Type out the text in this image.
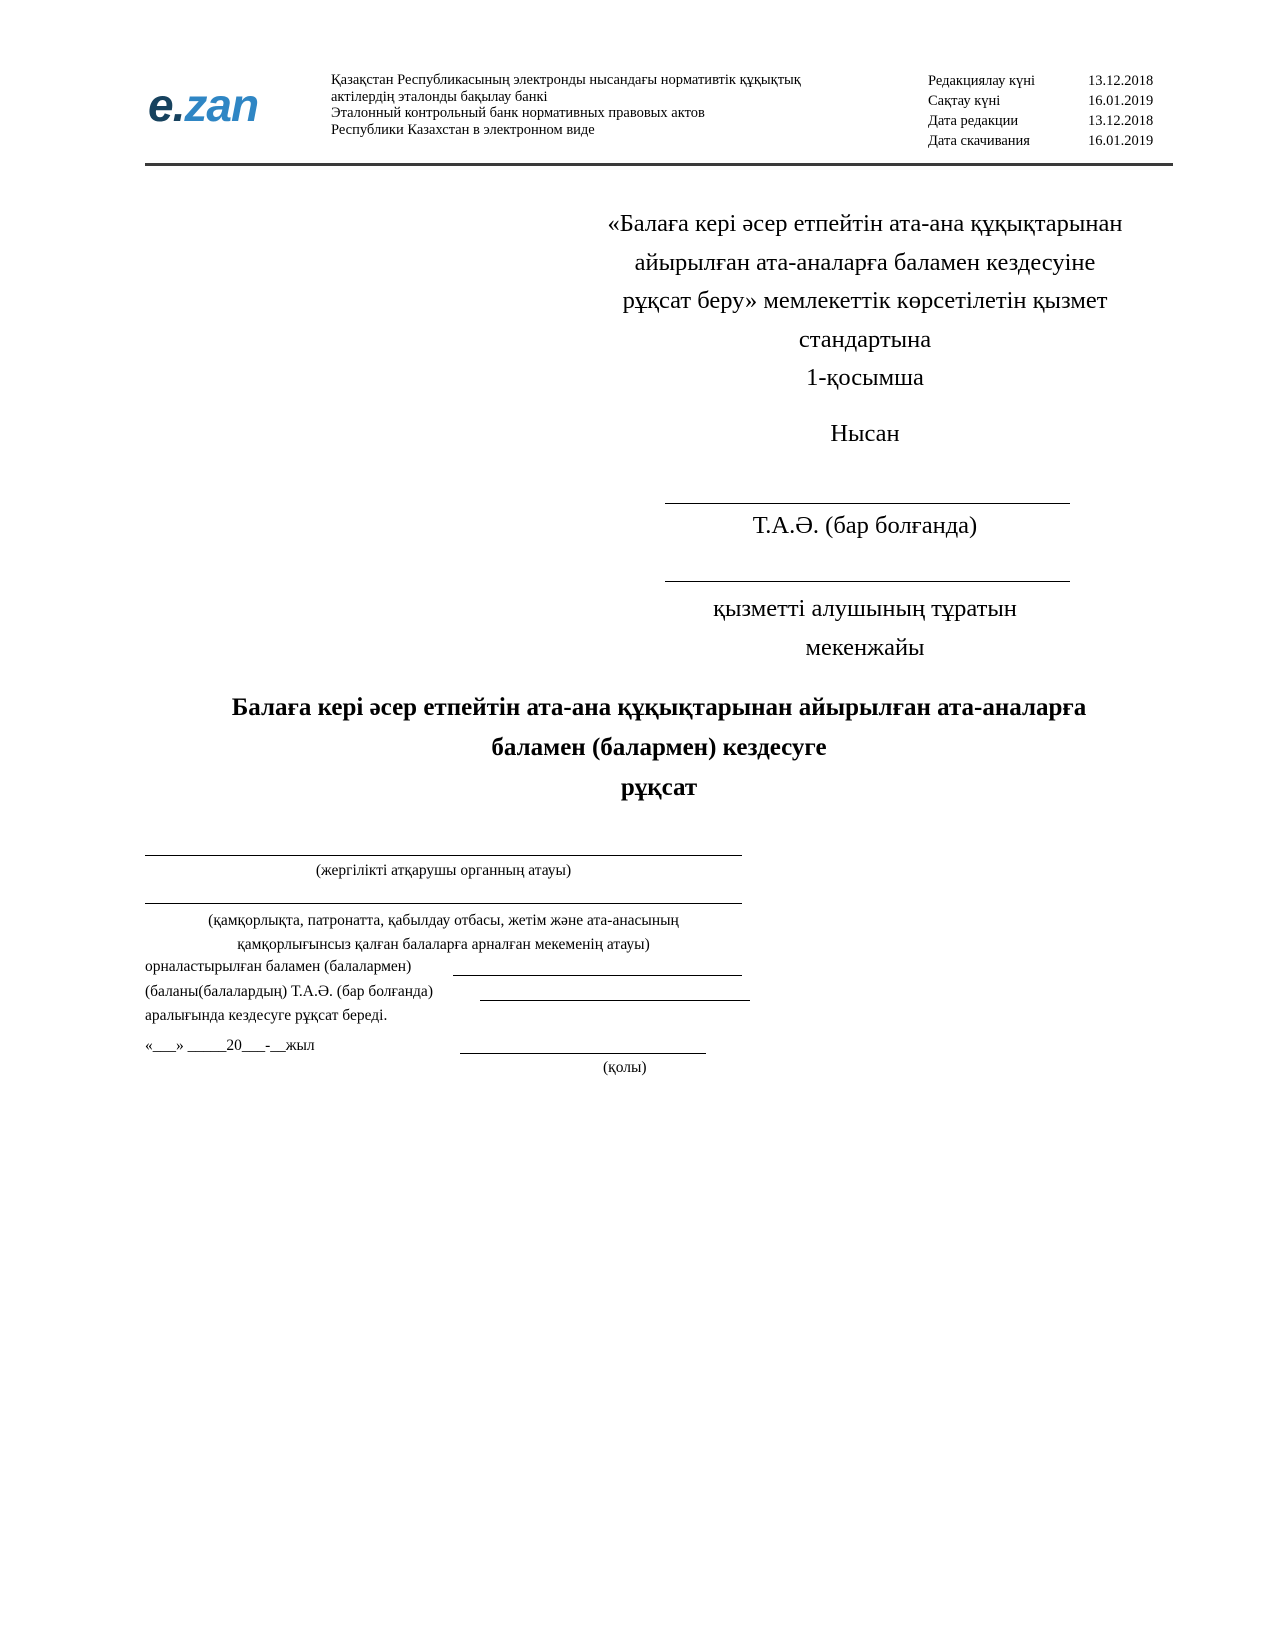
e.zan	Қазақстан Республикасының электронды нысандағы нормативтік құқықтық
актілердің эталонды бақылау банкі
Эталонный контрольный банк нормативных правовых актов
Республики Казахстан в электронном виде
Редакциялау күні	13.12.2018
Сақтау күні	16.01.2019
Дата редакции	13.12.2018
Дата скачивания	16.01.2019
«Балаға кері әсер етпейтін ата-ана құқықтарынан
айырылған ата-аналарға баламен кездесуіне
рұқсат беру» мемлекеттік көрсетілетін қызмет
стандартына
1-қосымша
Нысан
Т.А.Ә. (бар болғанда)
қызметті алушының тұратын
мекенжайы
Балаға кері әсер етпейтін ата-ана құқықтарынан айырылған ата-аналарға
баламен (балармен) кездесуге
рұқсат
(жергілікті атқарушы органның атауы)
(қамқорлықта, патронатта, қабылдау отбасы, жетім және ата-анасының
қамқорлығынсыз қалған балаларға арналған мекеменің атауы)
орналастырылған баламен (балалармен)
(баланы(балалардың) Т.А.Ә. (бар болғанда)
аралығында кездесуге рұқсат береді.
«___» _____20___-__жыл
(қолы)
